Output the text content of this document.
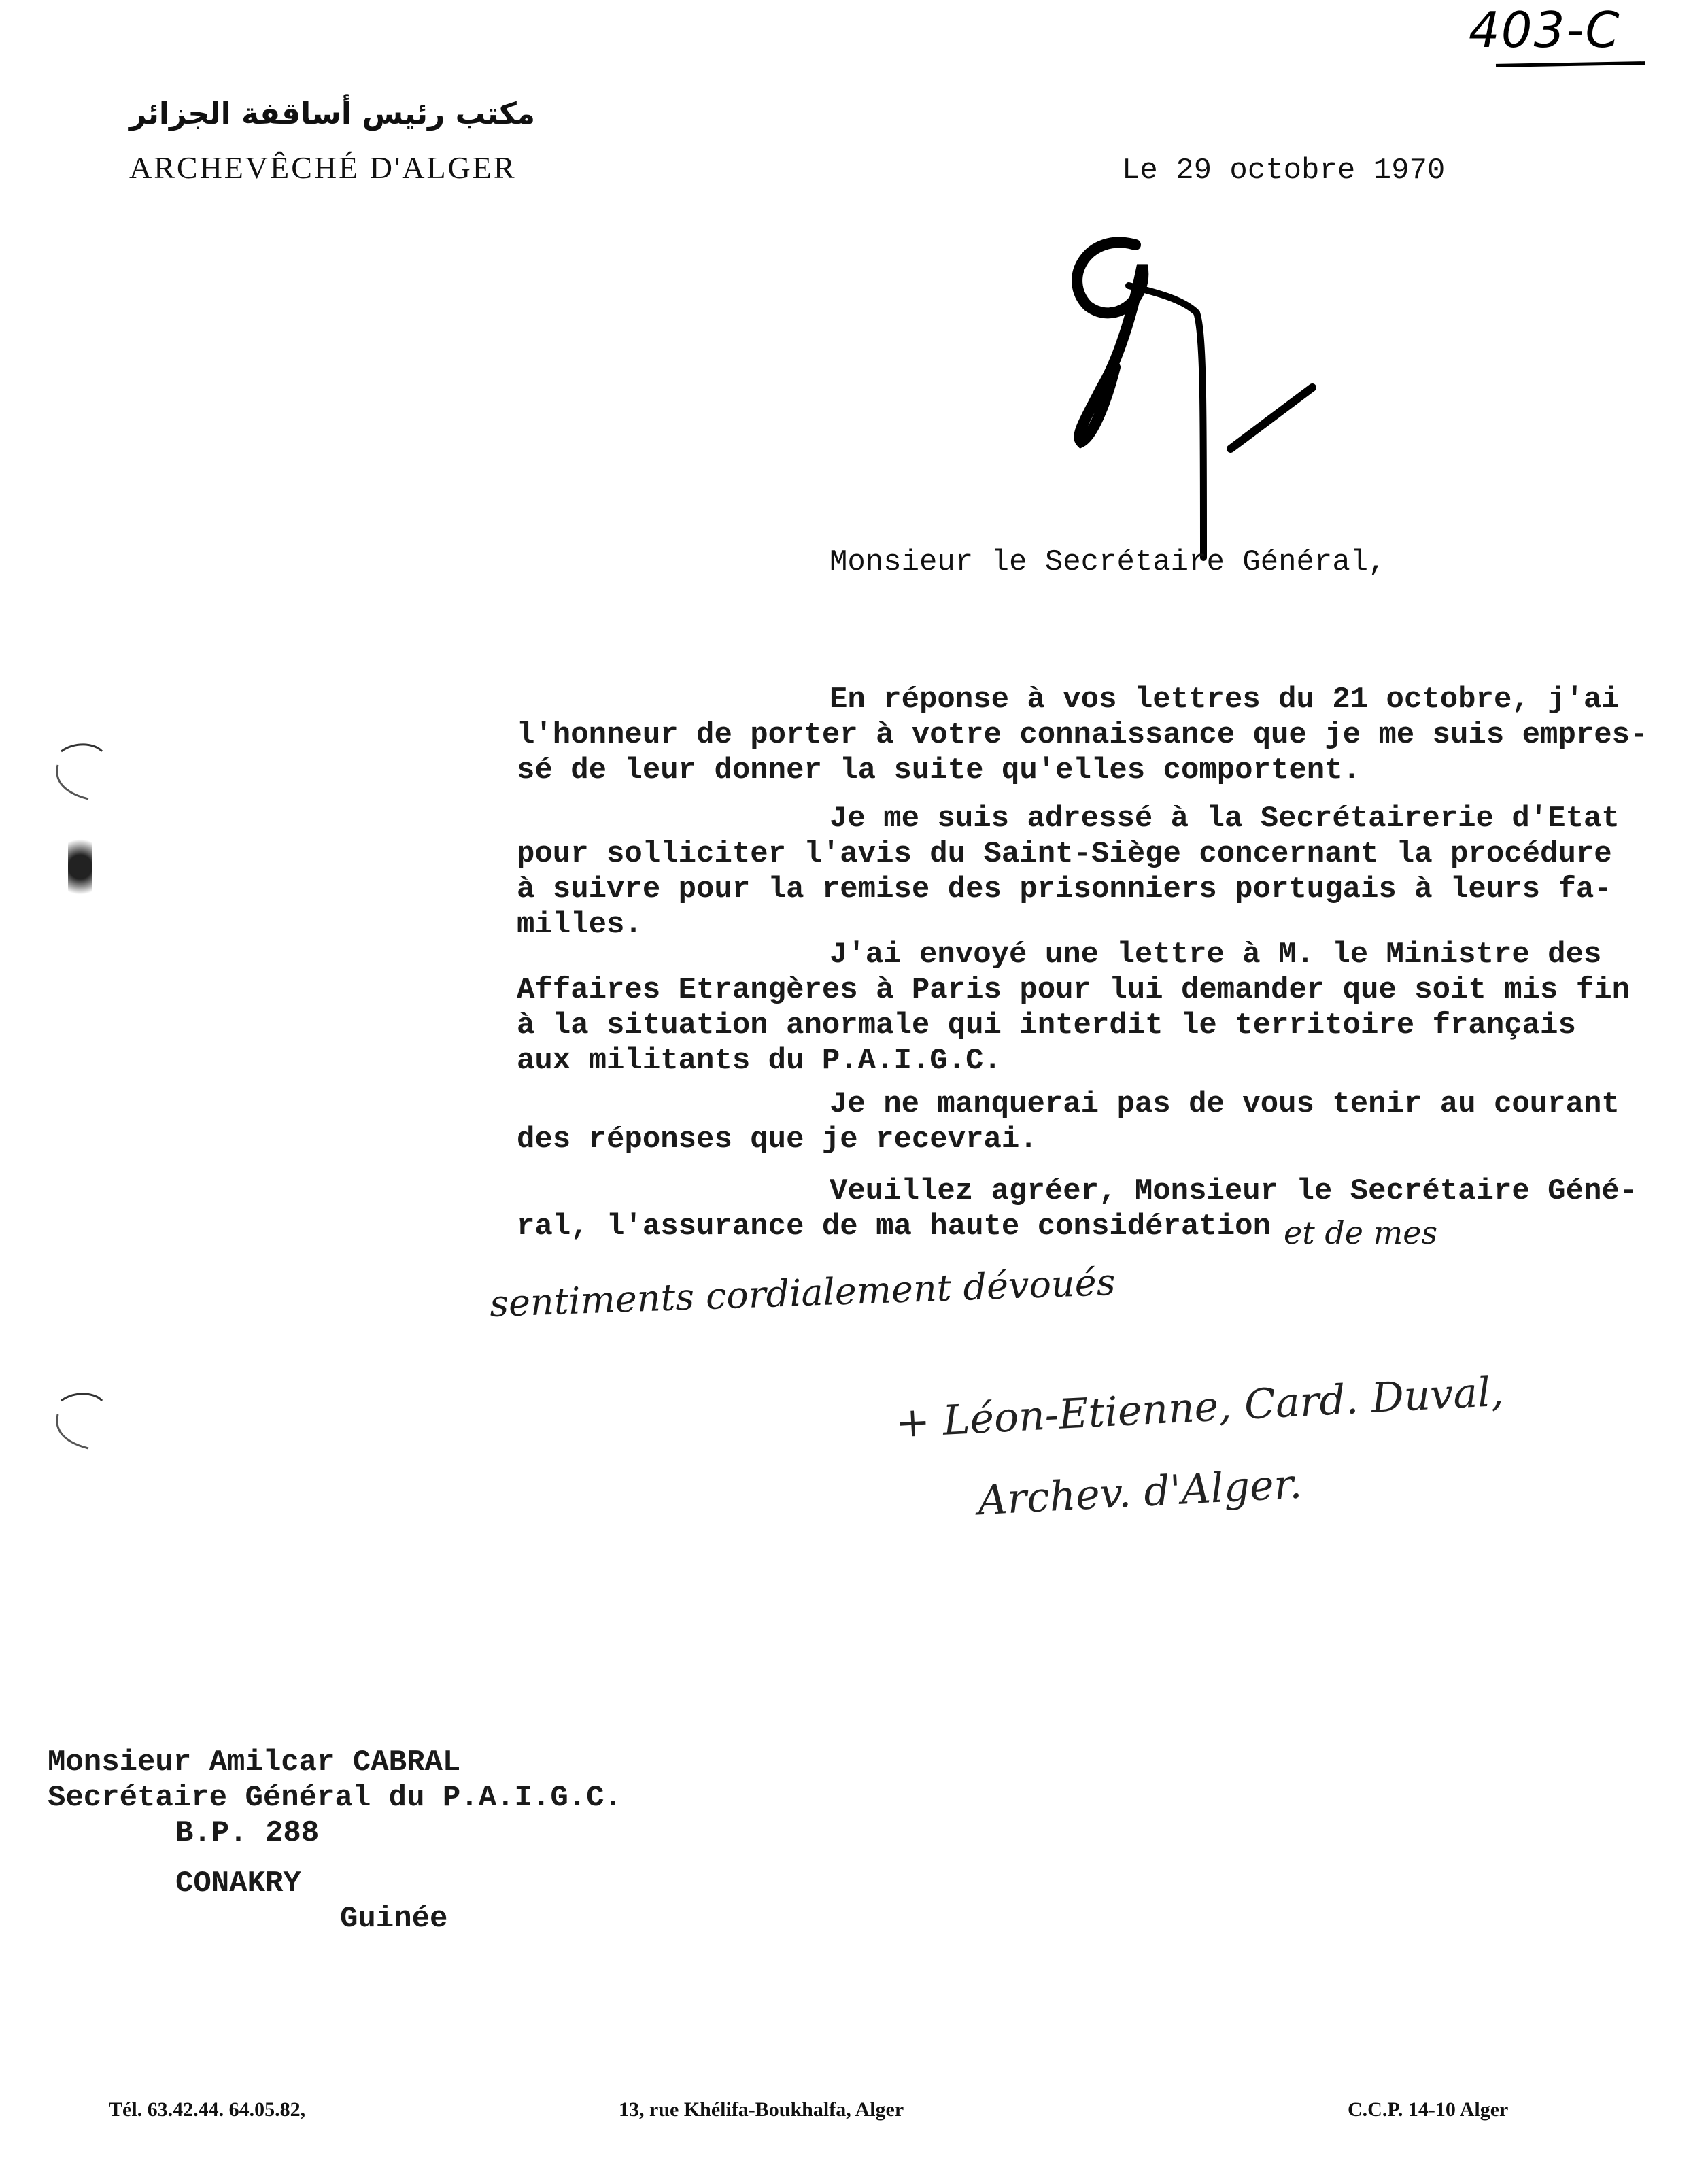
403-C
مكتب رئيس أساقفة الجزائر
ARCHEVÊCHÉ D'ALGER	Le 29 octobre 1970
Monsieur le Secrétaire Général,
En réponse à vos lettres du 21 octobre, j'ai
l'honneur de porter à votre connaissance que je me suis empres-
sé de leur donner la suite qu'elles comportent.
Je me suis adressé à la Secrétairerie d'Etat
pour solliciter l'avis du Saint-Siège concernant la procédure
à suivre pour la remise des prisonniers portugais à leurs fa-
milles.
J'ai envoyé une lettre à M. le Ministre des
Affaires Etrangères à Paris pour lui demander que soit mis fin
à la situation anormale qui interdit le territoire français
aux militants du P.A.I.G.C.
Je ne manquerai pas de vous tenir au courant
des réponses que je recevrai.
Veuillez agréer, Monsieur le Secrétaire Géné-
ral, l'assurance de ma haute considération et de mes
sentiments cordialement dévoués
+ Léon-Etienne, Card. Duval,
Archev. d'Alger.
Monsieur Amilcar CABRAL
Secrétaire Général du P.A.I.G.C.
B.P. 288
CONAKRY
Guinée
Tél. 63.42.44. 64.05.82,	13, rue Khélifa-Boukhalfa, Alger	C.C.P. 14-10 Alger
